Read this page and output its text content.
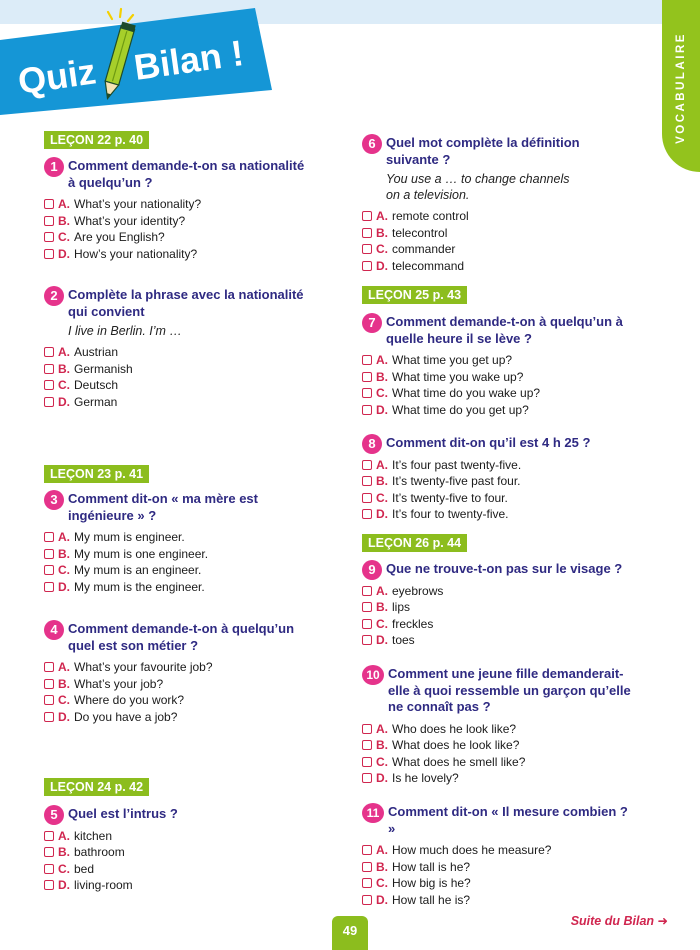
Quiz Bilan !	VOCABULAIRE
LEÇON 22 p. 40
1 Comment demande-t-on sa nationalité à quelqu’un ?
A. What’s your nationality?
B. What’s your identity?
C. Are you English?
D. How’s your nationality?
2 Complète la phrase avec la nationalité qui convient
I live in Berlin. I’m …
A. Austrian
B. Germanish
C. Deutsch
D. German
LEÇON 23 p. 41
3 Comment dit-on « ma mère est ingénieure » ?
A. My mum is engineer.
B. My mum is one engineer.
C. My mum is an engineer.
D. My mum is the engineer.
4 Comment demande-t-on à quelqu’un quel est son métier ?
A. What’s your favourite job?
B. What’s your job?
C. Where do you work?
D. Do you have a job?
LEÇON 24 p. 42
5 Quel est l’intrus ?
A. kitchen
B. bathroom
C. bed
D. living-room
6 Quel mot complète la définition suivante ?
You use a … to change channels
on a television.
A. remote control
B. telecontrol
C. commander
D. telecommand
LEÇON 25 p. 43
7 Comment demande-t-on à quelqu’un à quelle heure il se lève ?
A. What time you get up?
B. What time you wake up?
C. What time do you wake up?
D. What time do you get up?
8 Comment dit-on qu’il est 4 h 25 ?
A. It’s four past twenty-five.
B. It’s twenty-five past four.
C. It’s twenty-five to four.
D. It’s four to twenty-five.
LEÇON 26 p. 44
9 Que ne trouve-t-on pas sur le visage ?
A. eyebrows
B. lips
C. freckles
D. toes
10 Comment une jeune fille demanderait-elle à quoi ressemble un garçon qu’elle ne connaît pas ?
A. Who does he look like?
B. What does he look like?
C. What does he smell like?
D. Is he lovely?
11 Comment dit-on « Il mesure combien ? »
A. How much does he measure?
B. How tall is he?
C. How big is he?
D. How tall he is?
49
Suite du Bilan ➜
